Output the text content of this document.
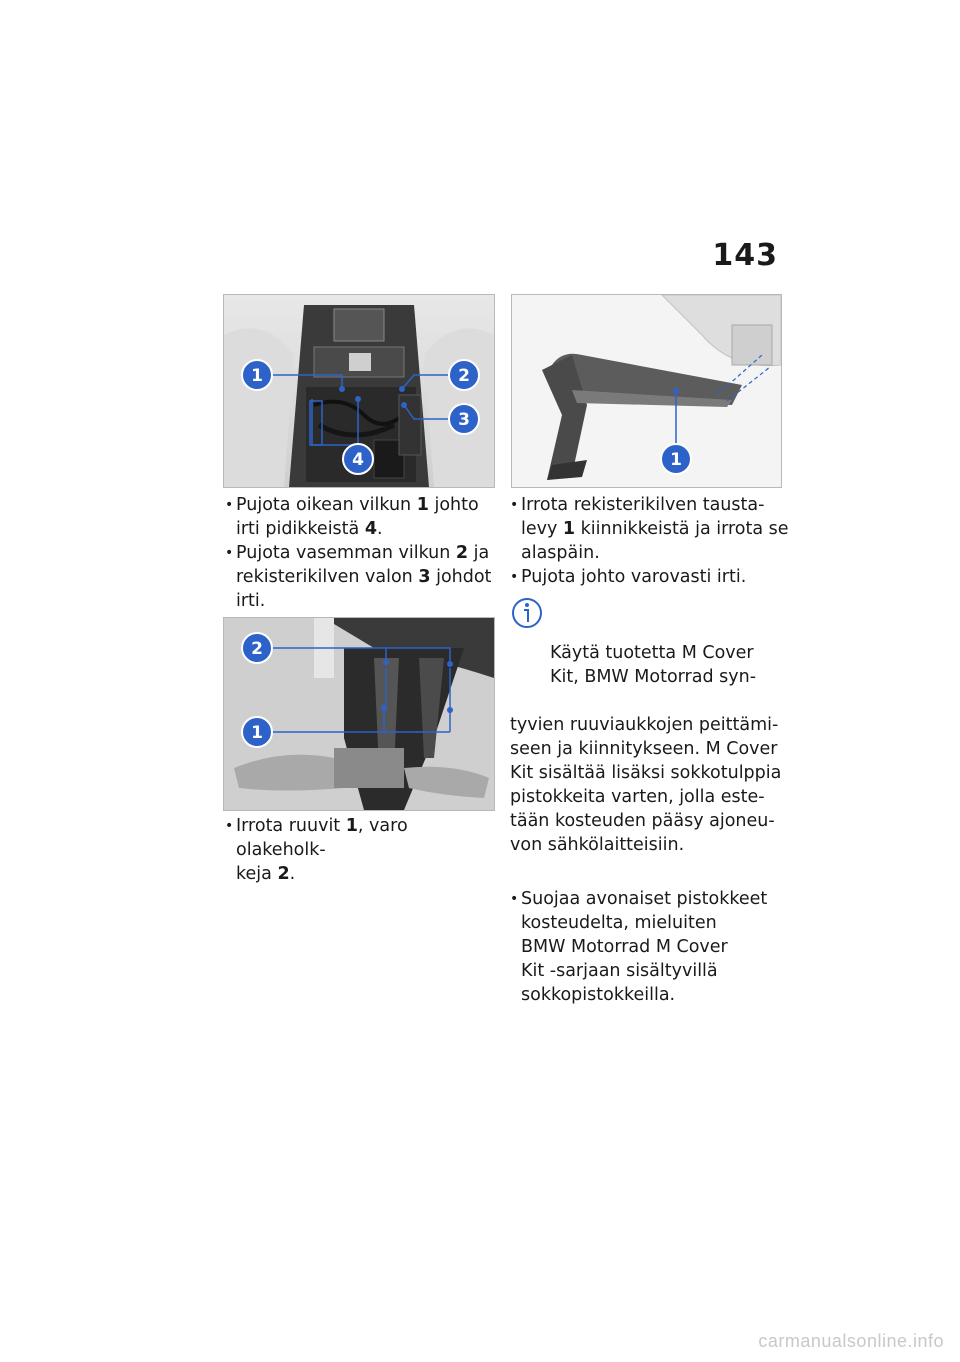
143
1	2
3
4	1
2
1
• Pujota oikean vilkun 1 johto
irti pidikkeistä 4.
• Pujota vasemman vilkun 2 ja
rekisterikilven valon 3 johdot
irti.
• Irrota ruuvit 1, varo olakeholk-
keja 2.
• Irrota rekisterikilven tausta-
levy 1 kiinnikkeistä ja irrota se
alaspäin.
• Pujota johto varovasti irti.

Käytä tuotetta M Cover
Kit, BMW Motorrad syn-

tyvien ruuviaukkojen peittämi-
seen ja kiinnitykseen. M Cover
Kit sisältää lisäksi sokkotulppia
pistokkeita varten, jolla este-
tään kosteuden pääsy ajoneu-
von sähkölaitteisiin.

• Suojaa avonaiset pistokkeet
kosteudelta, mieluiten
BMW Motorrad M Cover
Kit -sarjaan sisältyvillä
sokkopistokkeilla.
carmanualsonline.info
